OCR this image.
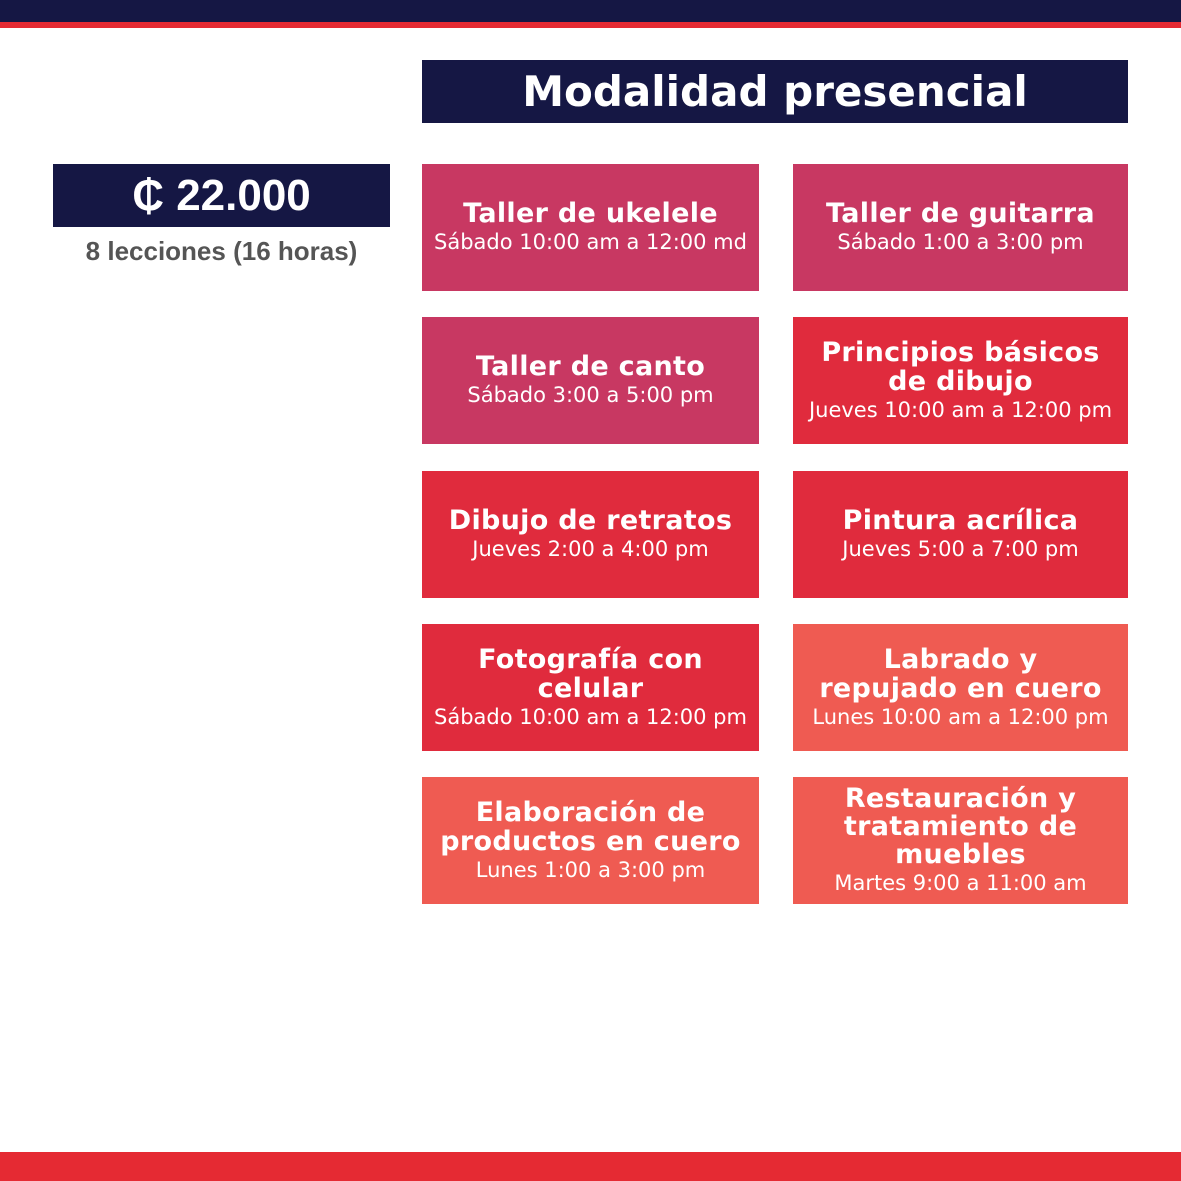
Modalidad presencial
₵ 22.000
8 lecciones (16 horas)
Taller de ukelele
Sábado 10:00 am a 12:00 md
Taller de guitarra
Sábado 1:00 a 3:00 pm
Taller de canto
Sábado 3:00 a 5:00 pm
Principios básicos de dibujo
Jueves 10:00 am a 12:00 pm
Dibujo de retratos
Jueves 2:00 a 4:00 pm
Pintura acrílica
Jueves 5:00 a 7:00 pm
Fotografía con celular
Sábado 10:00 am a 12:00 pm
Labrado y repujado en cuero
Lunes 10:00 am a 12:00 pm
Elaboración de productos en cuero
Lunes 1:00 a 3:00 pm
Restauración y tratamiento de muebles
Martes 9:00 a 11:00 am
